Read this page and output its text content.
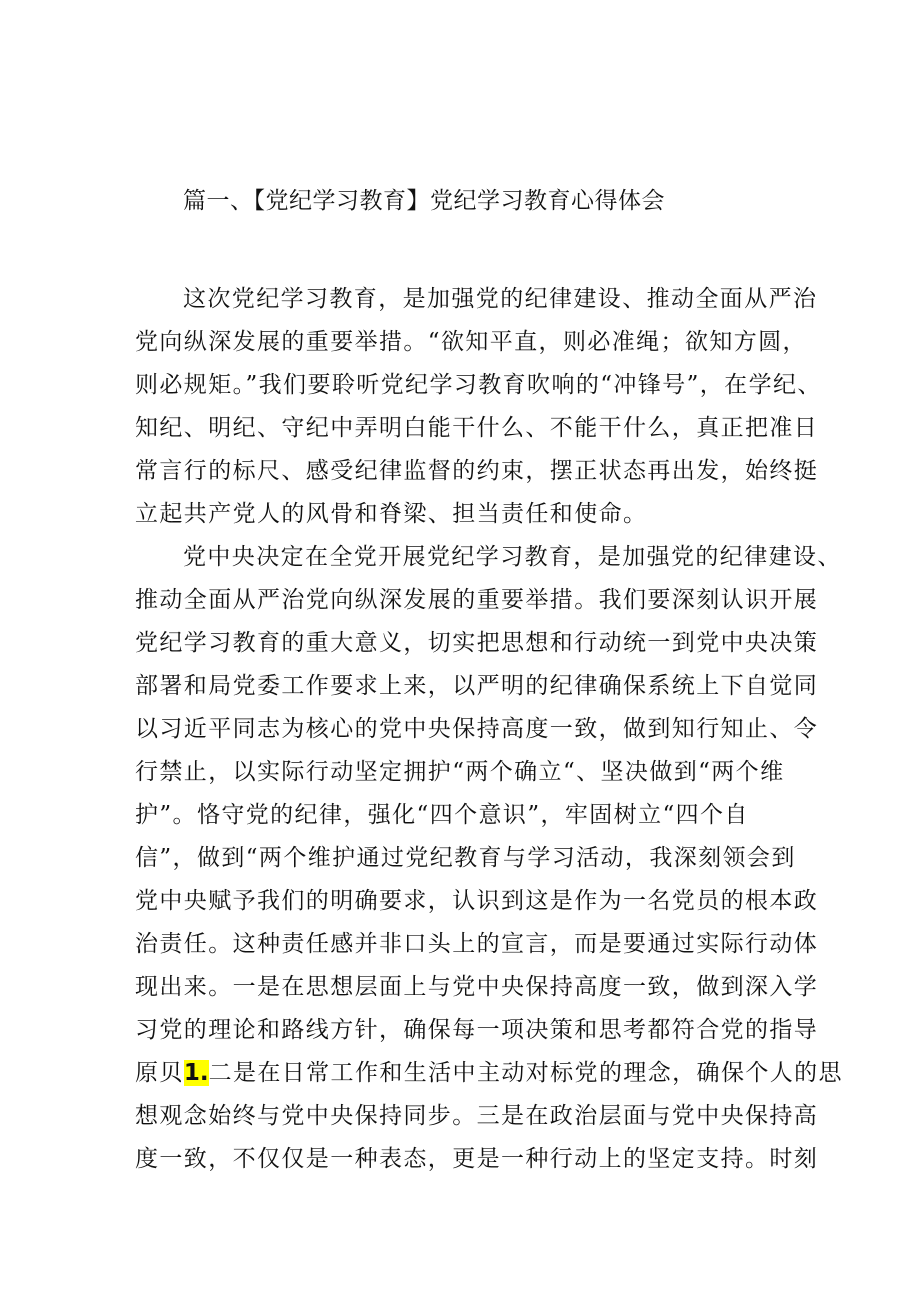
篇一、【党纪学习教育】党纪学习教育心得体会
这次党纪学习教育，是加强党的纪律建设、推动全面从严治
党向纵深发展的重要举措。“欲知平直，则必准绳；欲知方圆，
则必规矩。”我们要聆听党纪学习教育吹响的“冲锋号”，在学纪、
知纪、明纪、守纪中弄明白能干什么、不能干什么，真正把准日
常言行的标尺、感受纪律监督的约束，摆正状态再出发，始终挺
立起共产党人的风骨和脊梁、担当责任和使命。
党中央决定在全党开展党纪学习教育，是加强党的纪律建设、
推动全面从严治党向纵深发展的重要举措。我们要深刻认识开展
党纪学习教育的重大意义，切实把思想和行动统一到党中央决策
部署和局党委工作要求上来，以严明的纪律确保系统上下自觉同
以习近平同志为核心的党中央保持高度一致，做到知行知止、令
行禁止，以实际行动坚定拥护“两个确立“、坚决做到“两个维
护”。恪守党的纪律，强化“四个意识”，牢固树立“四个自
信”，做到“两个维护通过党纪教育与学习活动，我深刻领会到
党中央赋予我们的明确要求，认识到这是作为一名党员的根本政
治责任。这种责任感并非口头上的宣言，而是要通过实际行动体
现出来。一是在思想层面上与党中央保持高度一致，做到深入学
习党的理论和路线方针，确保每一项决策和思考都符合党的指导
原贝1.二是在日常工作和生活中主动对标党的理念，确保个人的思
想观念始终与党中央保持同步。三是在政治层面与党中央保持高
度一致，不仅仅是一种表态，更是一种行动上的坚定支持。时刻
